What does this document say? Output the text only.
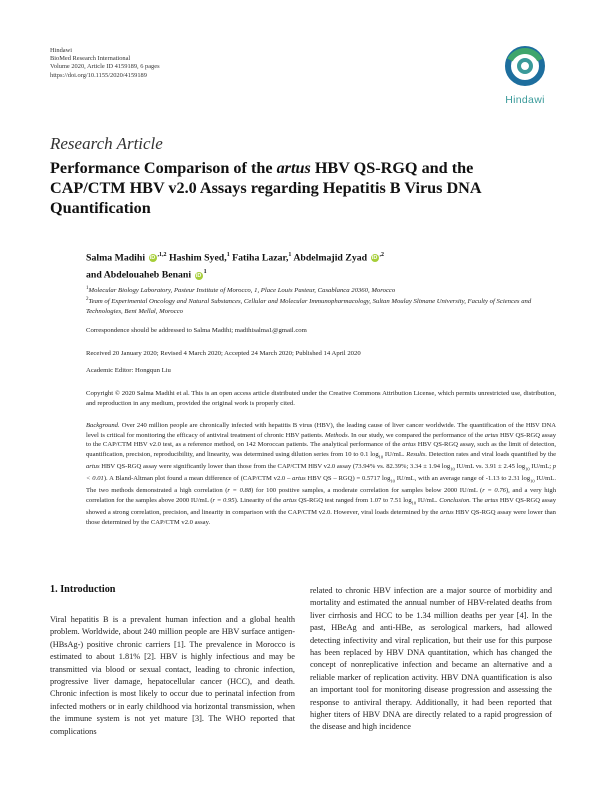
Hindawi
BioMed Research International
Volume 2020, Article ID 4159189, 6 pages
https://doi.org/10.1155/2020/4159189
Hindawi
Research Article
Performance Comparison of the artus HBV QS-RGQ and the CAP/CTM HBV v2.0 Assays regarding Hepatitis B Virus DNA Quantification
Salma Madihi $iD^{,1,2}$ Hashim Syed,$^1$ Fatiha Lazar,$^1$ Abdelmajid Zyad $iD^{,2}$
and Abdelouaheb Benani $iD^1$
$^1$Molecular Biology Laboratory, Pasteur Institute of Morocco, 1, Place Louis Pasteur, Casablanca 20360, Morocco
$^2$Team of Experimental Oncology and Natural Substances, Cellular and Molecular Immunopharmacology, Sultan Moulay Slimane University, Faculty of Sciences and Technologies, Beni Mellal, Morocco
Correspondence should be addressed to Salma Madihi; madihisalma1@gmail.com
Received 20 January 2020; Revised 4 March 2020; Accepted 24 March 2020; Published 14 April 2020
Academic Editor: Hongqun Liu
Copyright © 2020 Salma Madihi et al. This is an open access article distributed under the Creative Commons Attribution License, which permits unrestricted use, distribution, and reproduction in any medium, provided the original work is properly cited.
Background. Over 240 million people are chronically infected with hepatitis B virus (HBV), the leading cause of liver cancer worldwide. The quantification of the HBV DNA level is critical for monitoring the efficacy of antiviral treatment of chronic HBV patients. Methods. In our study, we compared the performance of the artus HBV QS-RGQ assay to the CAP/CTM HBV v2.0 test, as a reference method, on 142 Moroccan patients. The analytical performance of the artus HBV QS-RGQ assay, such as the limit of detection, quantification, precision, reproducibility, and linearity, was determined using dilution series from 10 to 0.1 $\log_{10} IU/mL$. Results. Detection rates and viral loads quantified by the artus HBV QS-RGQ assay were significantly lower than those from the CAP/CTM HBV v2.0 assay (73.94% vs. 82.39%; 3.34 ± 1.94 $\log_{10} IU/mL$ vs. 3.91 ± 2.45 $\log_{10} IU/mL$; p < 0.01). A Bland-Altman plot found a mean difference of (CAP/CTM v2.0 – artus HBV QS – RGQ) = 0.5717 $\log_{10} IU/mL$, with an average range of -1.13 to 2.31 $\log_{10} IU/mL$. The two methods demonstrated a high correlation (r = 0.88) for 100 positive samples, a moderate correlation for samples below 2000 IU/mL (r = 0.76), and a very high correlation for the samples above 2000 IU/mL (r = 0.95). Linearity of the artus QS-RGQ test ranged from 1.07 to 7.51 $\log_{10} IU/mL$. Conclusion. The artus HBV QS-RGQ assay showed a strong correlation, precision, and linearity in comparison with the CAP/CTM v2.0. However, viral loads determined by the artus HBV QS-RGQ assay were lower than those determined by the CAP/CTM v2.0 assay.
1. Introduction
Viral hepatitis B is a prevalent human infection and a global health problem. Worldwide, about 240 million people are HBV surface antigen- (HBsAg-) positive chronic carriers [1]. The prevalence in Morocco is estimated to about 1.81% [2]. HBV is highly infectious and may be transmitted via blood or sexual contact, leading to chronic infection, progressive liver damage, hepatocellular cancer (HCC), and death. Chronic infection is most likely to occur due to perinatal infection from infected mothers or in early childhood via horizontal transmission, when the immune system is not yet mature [3]. The WHO reported that complications
related to chronic HBV infection are a major source of morbidity and mortality and estimated the annual number of HBV-related deaths from liver cirrhosis and HCC to be 1.34 million deaths per year [4]. In the past, HBeAg and anti-HBe, as serological markers, had allowed detecting infectivity and viral replication, but their use for this purpose has been replaced by HBV DNA quantitation, which has changed the concept of nonreplicative infection and became an alternative and a reliable marker of replication activity. HBV DNA quantification is also an important tool for monitoring disease progression and assessing the response to antiviral therapy. Additionally, it had been reported that higher titers of HBV DNA are directly related to a rapid progression of the disease and high incidence
